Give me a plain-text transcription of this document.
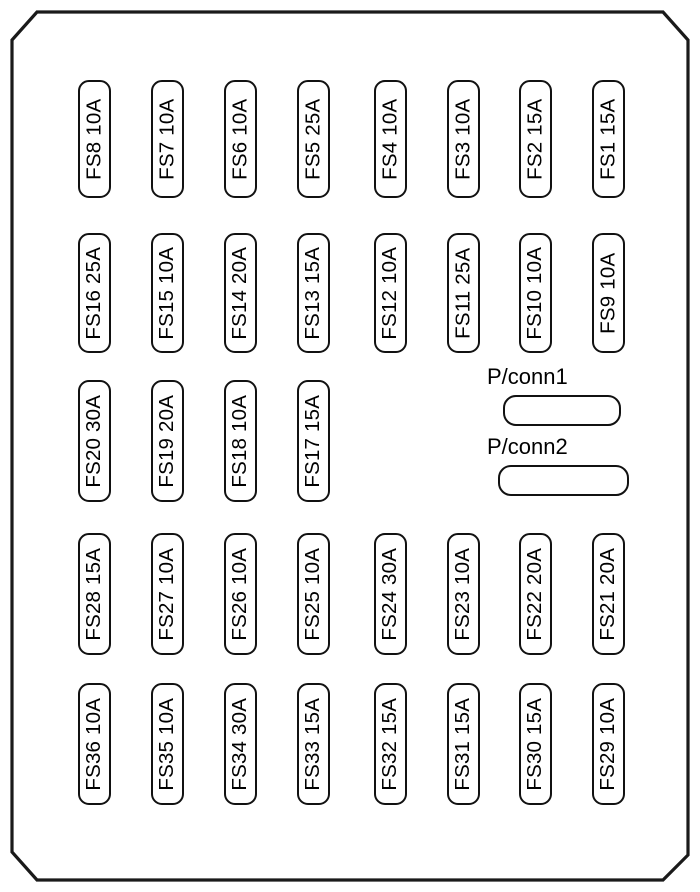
FS8 10A FS7 10A FS6 10A FS5 25A	FS4 10A FS3 10A FS2 15A FS1 15A
FS16 25A FS15 10A FS14 20A FS13 15A	FS12 10A FS11 25A FS10 10A FS9 10A
FS20 30A FS19 20A FS18 10A FS17 15A
P/conn1
P/conn2
FS28 15A FS27 10A FS26 10A FS25 10A	FS24 30A FS23 10A FS22 20A FS21 20A
FS36 10A FS35 10A FS34 30A FS33 15A	FS32 15A FS31 15A FS30 15A FS29 10A
